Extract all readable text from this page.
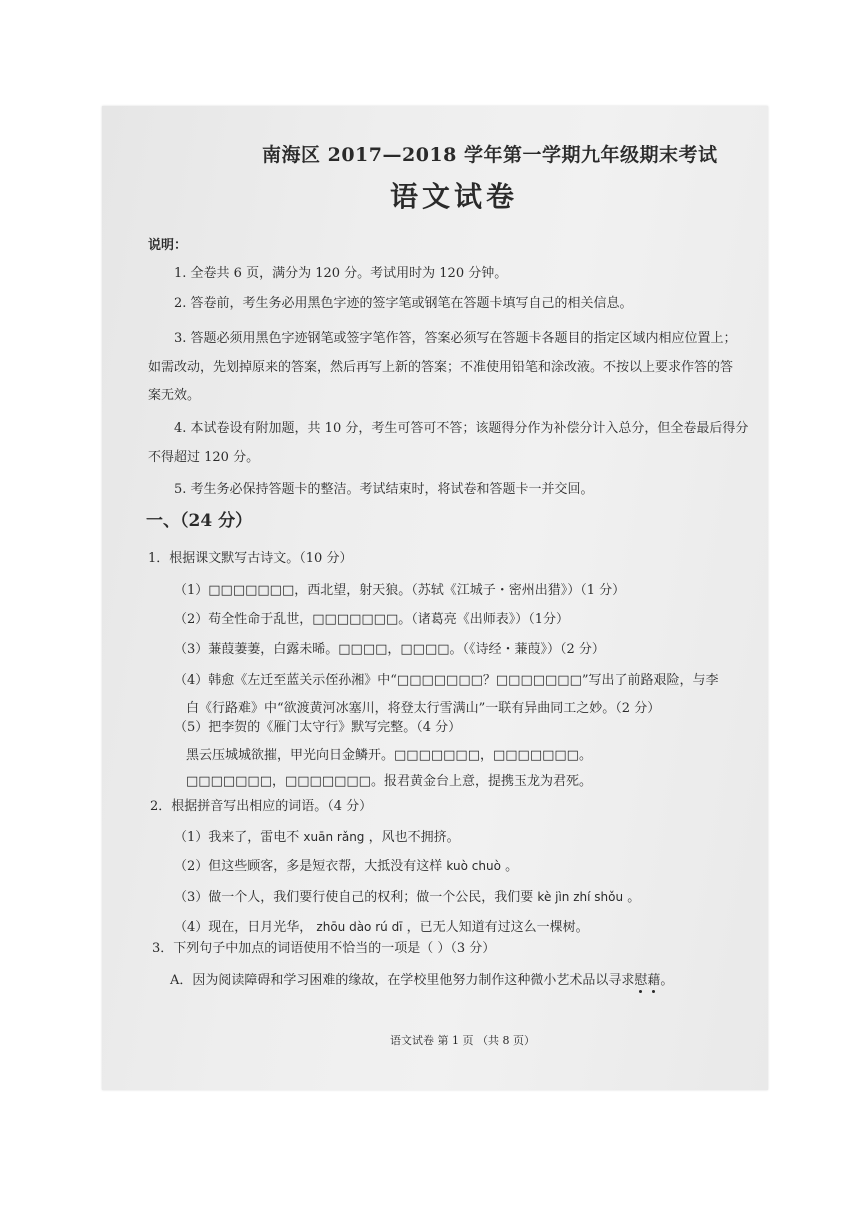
南海区 2017—2018 学年第一学期九年级期末考试
语文试卷
说明：
1. 全卷共 6 页，满分为 120 分。考试用时为 120 分钟。
2. 答卷前，考生务必用黑色字迹的签字笔或钢笔在答题卡填写自己的相关信息。
3. 答题必须用黑色字迹钢笔或签字笔作答，答案必须写在答题卡各题目的指定区域内相应位置上；
如需改动，先划掉原来的答案，然后再写上新的答案；不准使用铅笔和涂改液。不按以上要求作答的答
案无效。
4. 本试卷设有附加题，共 10 分，考生可答可不答；该题得分作为补偿分计入总分，但全卷最后得分
不得超过 120 分。
5. 考生务必保持答题卡的整洁。考试结束时，将试卷和答题卡一并交回。
一、（24 分）
1．根据课文默写古诗文。（10 分）
（1）□□□□□□□，西北望，射天狼。（苏轼《江城子・密州出猎》）（1 分）
（2）苟全性命于乱世，□□□□□□□。（诸葛亮《出师表》）（1分）
（3）蒹葭萋萋，白露未晞。□□□□，□□□□。（《诗经・蒹葭》）（2 分）
（4）韩愈《左迁至蓝关示侄孙湘》中“□□□□□□□？□□□□□□□”写出了前路艰险，与李
白《行路难》中“欲渡黄河冰塞川，将登太行雪满山”一联有异曲同工之妙。（2 分）
（5）把李贺的《雁门太守行》默写完整。（4 分）
黑云压城城欲摧，甲光向日金鳞开。□□□□□□□，□□□□□□□。
□□□□□□□，□□□□□□□。报君黄金台上意，提携玉龙为君死。
2．根据拼音写出相应的词语。（4 分）
（1）我来了，雷电不 xuān rǎng ，风也不拥挤。
（2）但这些顾客，多是短衣帮，大抵没有这样 kuò chuò 。
（3）做一个人，我们要行使自己的权利；做一个公民，我们要 kè jìn zhí shǒu 。
（4）现在，日月光华， zhōu dào rú dī ，已无人知道有过这么一棵树。
3．下列句子中加点的词语使用不恰当的一项是（ ）（3 分）
A．因为阅读障碍和学习困难的缘故，在学校里他努力制作这种微小艺术品以寻求慰藉。
语文试卷 第 1 页 （共 8 页）
